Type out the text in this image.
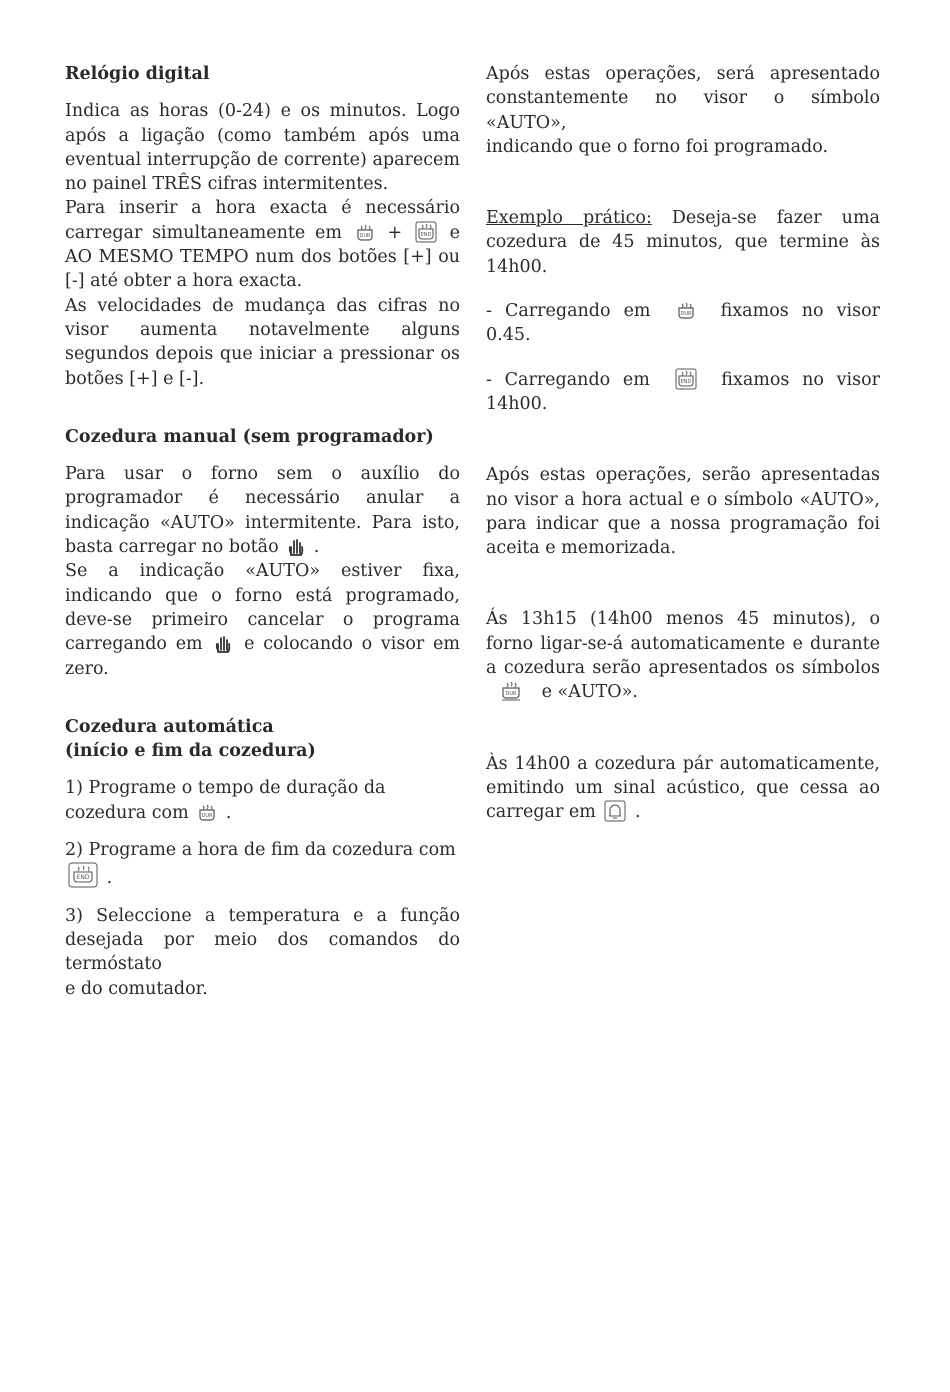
Relógio digital

Indica as horas (0-24) e os minutos. Logo após a ligação (como também após uma eventual interrupção de corrente) aparecem no painel TRÊS cifras intermitentes.

Para inserir a hora exacta é necessário carregar simultaneamente em	DUR +	END e AO MESMO TEMPO num dos botões [+] ou [-] até obter a hora exacta.

As velocidades de mudança das cifras no visor aumenta notavelmente alguns segundos depois que iniciar a pressionar os botões [+] e [-].

Cozedura manual (sem programador)

Para usar o forno sem o auxílio do programador é necessário anular a indicação «AUTO» intermitente. Para isto, basta carregar no botão .

Se a indicação «AUTO» estiver fixa, indicando que o forno está programado, deve-se primeiro cancelar o programa carregando em e colocando o visor em zero.

Cozedura automática
(início e fim da cozedura)

1) Programe o tempo de duração da cozedura com	DUR .

2) Programe a hora de fim da cozedura com
END .

3) Seleccione a temperatura e a função desejada por meio dos comandos do termóstato
e do comutador.

Após estas operações, será apresentado constantemente no visor o símbolo «AUTO»,
indicando que o forno foi programado.

Exemplo prático: Deseja-se fazer uma cozedura de 45 minutos, que termine às 14h00.

- Carregando em	DUR fixamos no visor 0.45.

- Carregando em	END fixamos no visor 14h00.

Após estas operações, serão apresentadas no visor a hora actual e o símbolo «AUTO», para indicar que a nossa programação foi aceita e memorizada.

Ás 13h15 (14h00 menos 45 minutos), o forno ligar-se-á automaticamente e durante a cozedura serão apresentados os símbolos
DUR e «AUTO».

Às 14h00 a cozedura pár automaticamente, emitindo um sinal acústico, que cessa ao carregar em .
